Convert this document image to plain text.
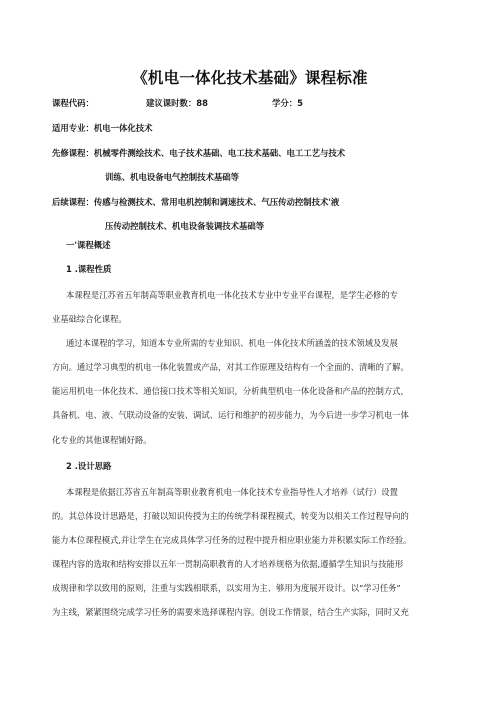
《机电一体化技术基础》课程标准
课程代码：	建议课时数：88	学分：5
适用专业：机电一体化技术
先修课程：机械零件测绘技术、电子技术基础、电工技术基础、电工工艺与技术
训练、机电设备电气控制技术基础等
后续课程：传感与检测技术、常用电机控制和调速技术、气压传动控制技术'液
压传动控制技术、机电设备装调技术基础等
一'课程概述
1 .课程性质
本课程是江苏省五年制高等职业教育机电一体化技术专业中专业平台课程，是学生必修的专
业基础综合化课程。
通过本课程的学习，知道本专业所需的专业知识、机电一体化技术所涵盖的技术领域及发展
方向。通过学习典型的机电一体化装置或产品，对其工作原理及结构有一个全面的、清晰的了解。
能运用机电一体化技术、通信接口技术等相关知识，分析典型机电一体化设备和产品的控制方式，
具备机、电、液、气联动设备的安装、调试、运行和维护的初步能力，为今后进一步学习机电一体
化专业的其他课程铺好路。
2 .设计思路
本课程是依据江苏省五年制高等职业教育机电一体化技术专业指导性人才培养（试行）设置
的。其总体设计思路是，打破以知识传授为主的传统学科课程模式，转变为以相关工作过程导向的
能力本位课程模式,并让学生在完成具体学习任务的过程中提升相应职业能力并积累实际工作经验。
课程内容的选取和结构安排以五年一贯制高职教育的人才培养规格为依据,遵循学生知识与技能形
成规律和学以致用的原则，注重与实践相联系，以实用为主、够用为度展开设计。以“学习任务”
为主线，紧紧围绕完成学习任务的需要来选择课程内容。创设工作情景，结合生产实际，同时又充
